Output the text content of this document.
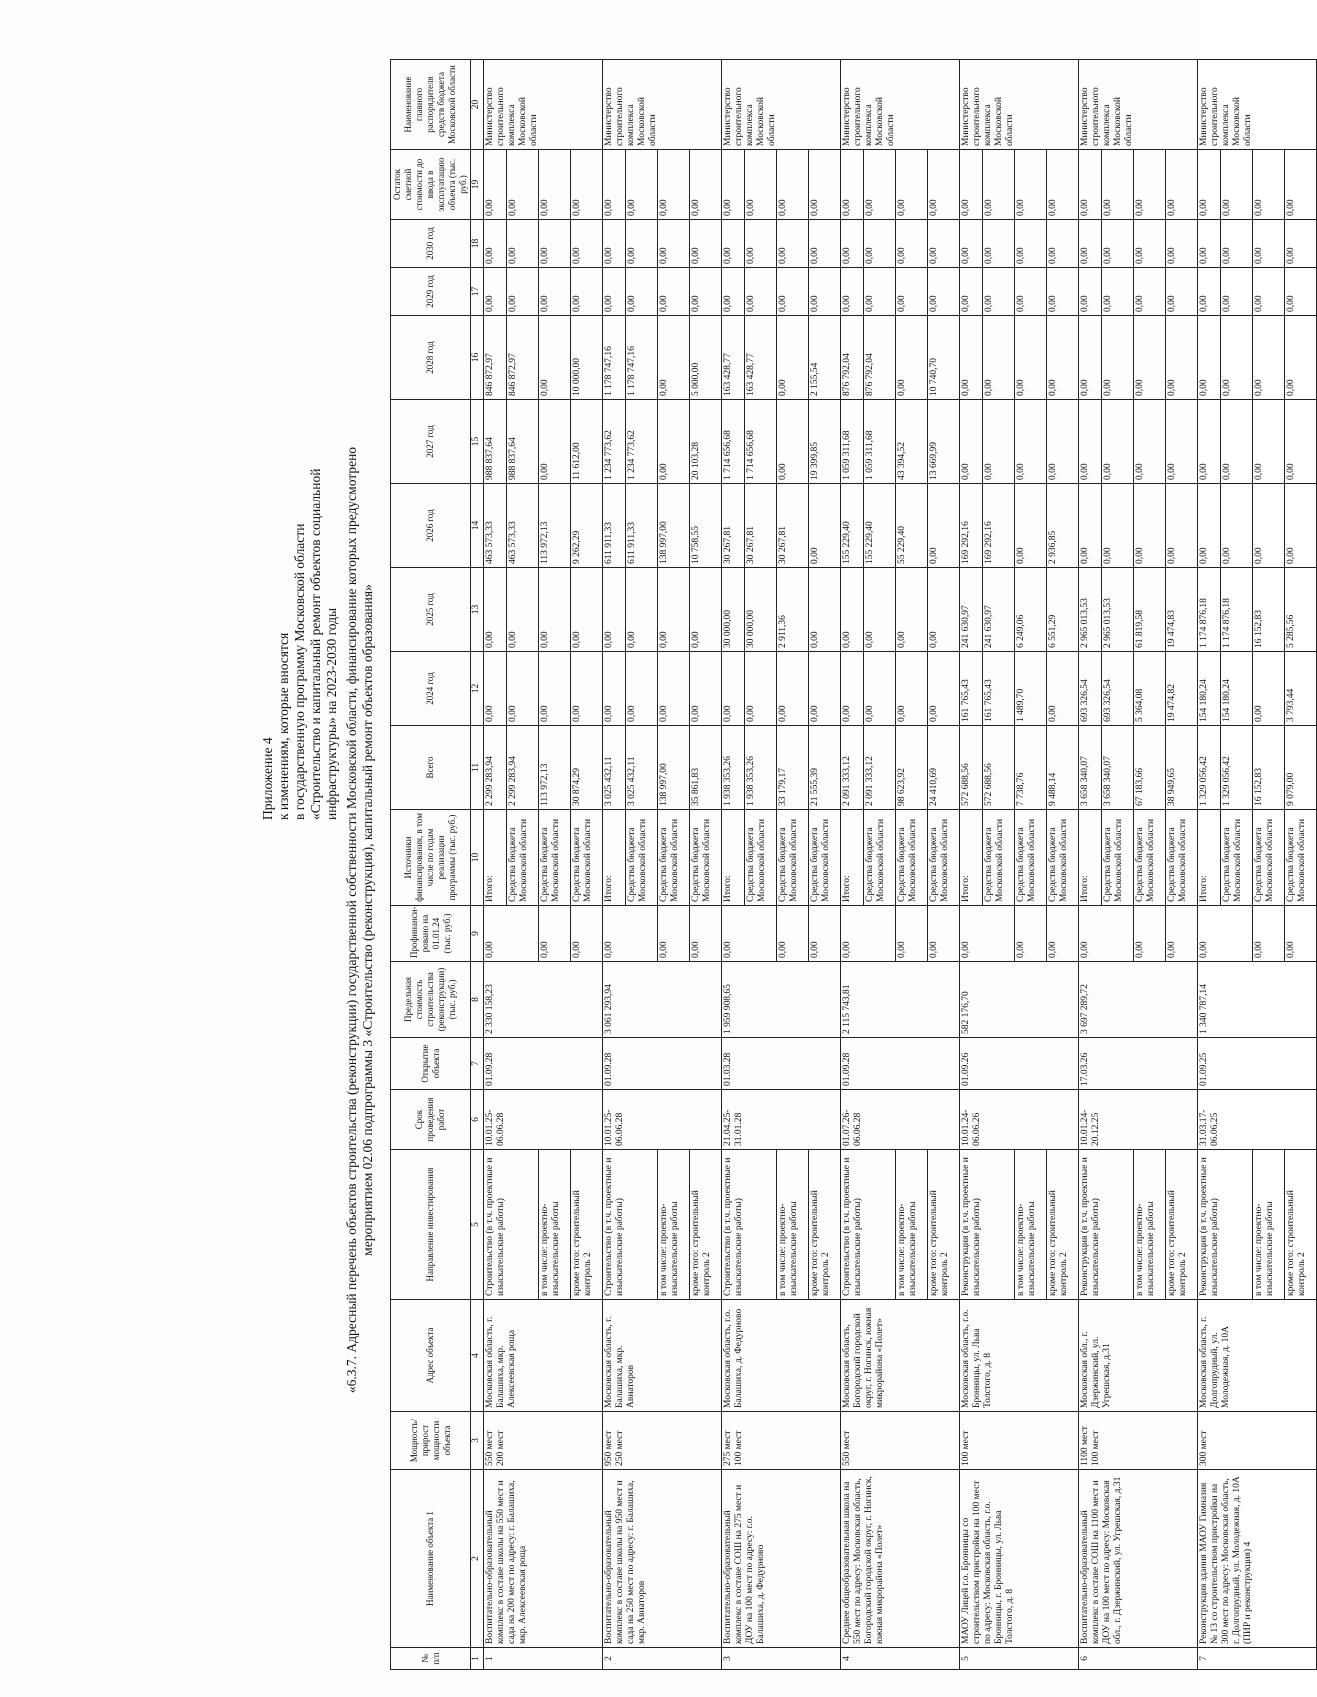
Приложение 4 к изменениям, которые вносятся в государственную программу Московской области «Строительство и капитальный ремонт объектов социальной инфраструктуры» на 2023-2030 годы «6.3.7. Адресный перечень объектов строительства (реконструкции) государственной собственности Московской области, финансирование которых предусмотрено мероприятием 02.06 подпрограммы 3 «Строительство (реконструкция), капитальный ремонт объектов образования»
№ п/п	Наименование объекта 1	Мощность/ прирост мощности объекта	Адрес объекта	Направление инвестирования	Срок проведения работ	Открытие объекта	Предельная стоимость строительства (реконструкции) (тыс. руб.)	Профинанси-ровано на 01.01.24 (тыс. руб.)	Источники финансирования, в том числе по годам реализации программы (тыс. руб.)	Всего	2024 год	2025 год	2026 год	2027 год	2028 год	2029 год	2030 год	Остаток сметной стоимости до ввода в эксплуатацию объекта (тыс. руб.)	Наименование главного распорядителя средств бюджета Московской области
1	2	3	4	5	6	7	8	9	10	11	12	13	14	15	16	17	18	19	20
1	Воспитательно-образовательный комплекс в составе школы на 550 мест и сада на 200 мест по адресу: г. Балашиха, мкр. Алексеевская роща	550 мест 200 мест	Московская область, г. Балашиха, мкр. Алексеевская роща	Строительство (в т.ч. проектные и изыскательские работы)	10.01.25-06.06.28	01.09.28	2 330 158,23	0,00	Итого:	2 299 283,94	0,00	0,00	463 573,33	988 837,64	846 872,97	0,00	0,00	0,00	Министерство строительного комплекса Московской области
									Средства бюджета Московской области	2 299 283,94	0,00	0,00	463 573,33	988 837,64	846 872,97	0,00	0,00	0,00	
				в том числе: проектно-изыскательские работы				0,00	Средства бюджета Московской области	113 972,13	0,00	0,00	113 972,13	0,00	0,00	0,00	0,00	0,00	
				кроме того: строительный контроль 2				0,00	Средства бюджета Московской области	30 874,29	0,00	0,00	9 262,29	11 612,00	10 000,00	0,00	0,00	0,00	
2	Воспитательно-образовательный комплекс в составе школы на 950 мест и сада на 250 мест по адресу: г. Балашиха, мкр. Авиаторов	950 мест 250 мест	Московская область, г. Балашиха, мкр. Авиаторов	Строительство (в т.ч. проектные и изыскательские работы)	10.01.25-06.06.28	01.09.28	3 061 293,94	0,00	Итого:	3 025 432,11	0,00	0,00	611 911,33	1 234 773,62	1 178 747,16	0,00	0,00	0,00	Министерство строительного комплекса Московской области
									Средства бюджета Московской области	3 025 432,11	0,00	0,00	611 911,33	1 234 773,62	1 178 747,16	0,00	0,00	0,00	
				в том числе: проектно-изыскательские работы				0,00	Средства бюджета Московской области	138 997,00	0,00	0,00	138 997,00	0,00	0,00	0,00	0,00	0,00	
				кроме того: строительный контроль 2				0,00	Средства бюджета Московской области	35 861,83	0,00	0,00	10 758,55	20 103,28	5 000,00	0,00	0,00	0,00	
3	Воспитательно-образовательный комплекс в составе СОШ на 275 мест и ДОУ на 100 мест по адресу: г.о. Балашиха, д. Федурново	275 мест 100 мест	Московская область, г.о. Балашиха, д. Федурново	Строительство (в т.ч. проектные и изыскательские работы)	21.04.25-31.01.28	01.03.28	1 959 908,65	0,00	Итого:	1 938 353,26	0,00	30 000,00	30 267,81	1 714 656,68	163 428,77	0,00	0,00	0,00	Министерство строительного комплекса Московской области
									Средства бюджета Московской области	1 938 353,26	0,00	30 000,00	30 267,81	1 714 656,68	163 428,77	0,00	0,00	0,00	
				в том числе: проектно-изыскательские работы				0,00	Средства бюджета Московской области	33 179,17	0,00	2 911,36	30 267,81	0,00	0,00	0,00	0,00	0,00	
				кроме того: строительный контроль 2				0,00	Средства бюджета Московской области	21 555,39	0,00	0,00	0,00	19 399,85	2 155,54	0,00	0,00	0,00	
4	Среднее общеобразовательная школа на 550 мест по адресу: Московская область, Богородский городской округ, г. Ногинск, южная микрорайона «Полет»	550 мест	Московская область, Богородский городской округ, г. Ногинск, южная микрорайона «Полет»	Строительство (в т.ч. проектные и изыскательские работы)	01.07.26-06.06.28	01.09.28	2 115 743,81	0,00	Итого:	2 091 333,12	0,00	0,00	155 229,40	1 059 311,68	876 792,04	0,00	0,00	0,00	Министерство строительного комплекса Московской области
									Средства бюджета Московской области	2 091 333,12	0,00	0,00	155 229,40	1 059 311,68	876 792,04	0,00	0,00	0,00	
				в том числе: проектно-изыскательские работы				0,00	Средства бюджета Московской области	98 623,92	0,00	0,00	55 229,40	43 394,52	0,00	0,00	0,00	0,00	
				кроме того: строительный контроль 2				0,00	Средства бюджета Московской области	24 410,69	0,00	0,00	0,00	13 669,99	10 740,70	0,00	0,00	0,00	
5	МАОУ Лицей г.о. Бронницы со строительством пристройки на 100 мест по адресу: Московская область, г.о. Бронницы, г. Бронницы, ул. Льва Толстого, д. 8	100 мест	Московская область, г.о. Бронницы, ул. Льва Толстого, д. 8	Реконструкция (в т.ч. проектные и изыскательские работы)	10.01.24-06.06.26	01.09.26	582 176,70	0,00	Итого:	572 688,56	161 765,43	241 630,97	169 292,16	0,00	0,00	0,00	0,00	0,00	Министерство строительного комплекса Московской области
									Средства бюджета Московской области	572 688,56	161 765,43	241 630,97	169 292,16	0,00	0,00	0,00	0,00	0,00	
				в том числе: проектно-изыскательские работы				0,00	Средства бюджета Московской области	7 738,76	1 489,70	6 249,06	0,00	0,00	0,00	0,00	0,00	0,00	
				кроме того: строительный контроль 2				0,00	Средства бюджета Московской области	9 488,14	0,00	6 551,29	2 936,85	0,00	0,00	0,00	0,00	0,00	
6	Воспитательно-образовательный комплекс в составе СОШ на 1100 мест и ДОУ на 100 мест по адресу: Московская обл., г. Дзержинский, ул. Угрешская, д.31	1100 мест 100 мест	Московская обл., г. Дзержинский, ул. Угрешская, д.31	Реконструкция (в т.ч. проектные и изыскательские работы)	10.01.24-20.12.25	17.03.26	3 697 289,72	0,00	Итого:	3 658 340,07	693 326,54	2 965 013,53	0,00	0,00	0,00	0,00	0,00	0,00	Министерство строительного комплекса Московской области
									Средства бюджета Московской области	3 658 340,07	693 326,54	2 965 013,53	0,00	0,00	0,00	0,00	0,00	0,00	
				в том числе: проектно-изыскательские работы				0,00	Средства бюджета Московской области	67 183,66	5 364,08	61 819,58	0,00	0,00	0,00	0,00	0,00	0,00	
				кроме того: строительный контроль 2				0,00	Средства бюджета Московской области	38 949,65	19 474,82	19 474,83	0,00	0,00	0,00	0,00	0,00	0,00	
7	Реконструкция здания МАОУ Гимназия № 13 со строительством пристройки на 300 мест по адресу: Московская область, г. Долгопрудный, ул. Молодежная, д. 10А (ПИР и реконструкция) 4	300 мест	Московская область, г. Долгопрудный, ул. Молодежная, д. 10А	Реконструкция (в т.ч. проектные и изыскательские работы)	31.03.17-06.06.25	01.09.25	1 340 787,14	0,00	Итого:	1 329 056,42	154 180,24	1 174 876,18	0,00	0,00	0,00	0,00	0,00	0,00	Министерство строительного комплекса Московской области
									Средства бюджета Московской области	1 329 056,42	154 180,24	1 174 876,18	0,00	0,00	0,00	0,00	0,00	0,00	
				в том числе: проектно-изыскательские работы				0,00	Средства бюджета Московской области	16 152,83	0,00	16 152,83	0,00	0,00	0,00	0,00	0,00	0,00	
				кроме того: строительный контроль 2				0,00	Средства бюджета Московской области	9 079,00	3 793,44	5 285,56	0,00	0,00	0,00	0,00	0,00	0,00	
